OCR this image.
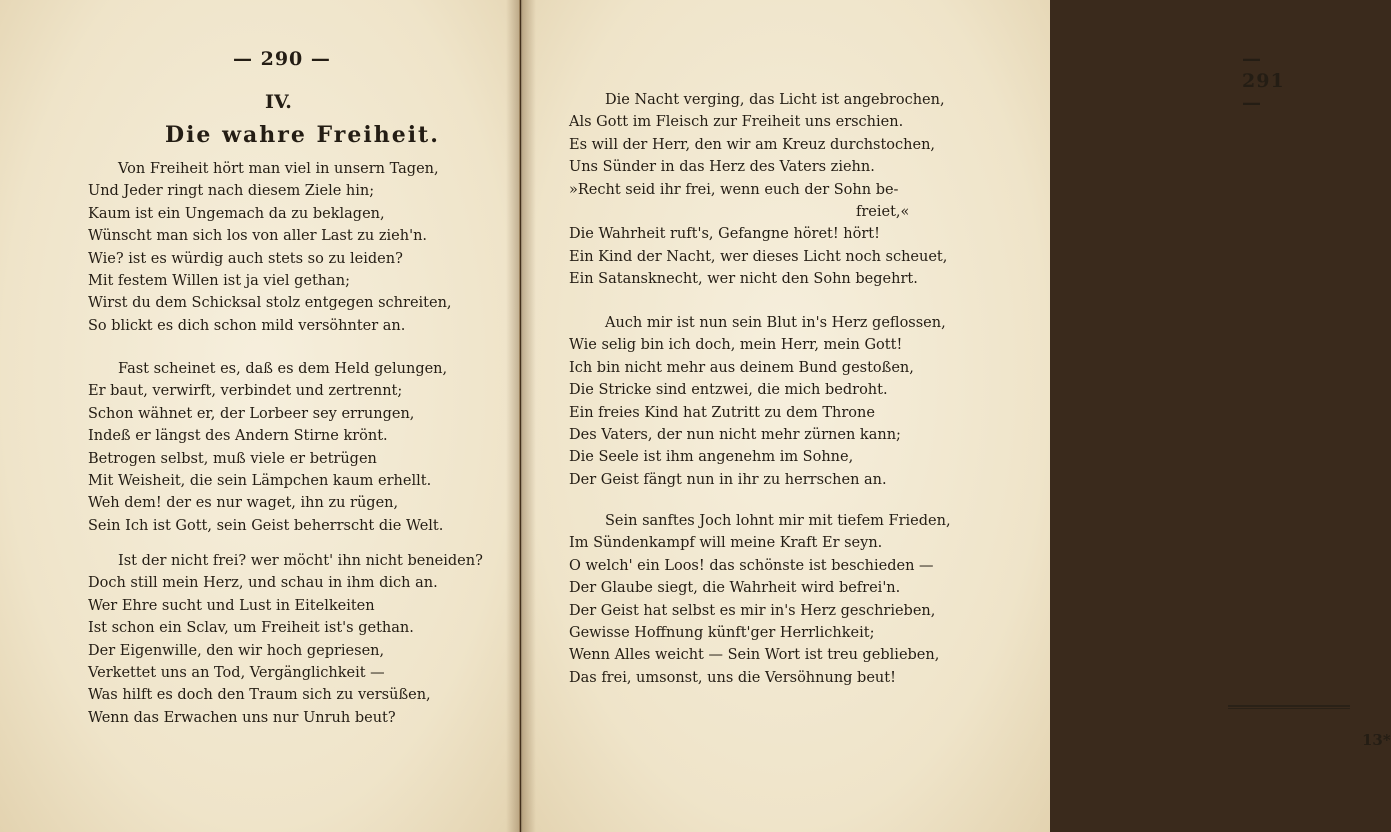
— 290 —
IV.
Die wahre Freiheit.
Von Freiheit hört man viel in unsern Tagen,
Und Jeder ringt nach diesem Ziele hin;
Kaum ist ein Ungemach da zu beklagen,
Wünscht man sich los von aller Last zu zieh'n.
Wie? ist es würdig auch stets so zu leiden?
Mit festem Willen ist ja viel gethan;
Wirst du dem Schicksal stolz entgegen schreiten,
So blickt es dich schon mild versöhnter an.
Fast scheinet es, daß es dem Held gelungen,
Er baut, verwirft, verbindet und zertrennt;
Schon wähnet er, der Lorbeer sey errungen,
Indeß er längst des Andern Stirne krönt.
Betrogen selbst, muß viele er betrügen
Mit Weisheit, die sein Lämpchen kaum erhellt.
Weh dem! der es nur waget, ihn zu rügen,
Sein Ich ist Gott, sein Geist beherrscht die Welt.
Ist der nicht frei? wer möcht' ihn nicht beneiden?
Doch still mein Herz, und schau in ihm dich an.
Wer Ehre sucht und Lust in Eitelkeiten
Ist schon ein Sclav, um Freiheit ist's gethan.
Der Eigenwille, den wir hoch gepriesen,
Verkettet uns an Tod, Vergänglichkeit —
Was hilft es doch den Traum sich zu versüßen,
Wenn das Erwachen uns nur Unruh beut?
— 291 —
Die Nacht verging, das Licht ist angebrochen,
Als Gott im Fleisch zur Freiheit uns erschien.
Es will der Herr, den wir am Kreuz durchstochen,
Uns Sünder in das Herz des Vaters ziehn.
»Recht seid ihr frei, wenn euch der Sohn be-
freiet,«
Die Wahrheit ruft's, Gefangne höret! hört!
Ein Kind der Nacht, wer dieses Licht noch scheuet,
Ein Satansknecht, wer nicht den Sohn begehrt.
Auch mir ist nun sein Blut in's Herz geflossen,
Wie selig bin ich doch, mein Herr, mein Gott!
Ich bin nicht mehr aus deinem Bund gestoßen,
Die Stricke sind entzwei, die mich bedroht.
Ein freies Kind hat Zutritt zu dem Throne
Des Vaters, der nun nicht mehr zürnen kann;
Die Seele ist ihm angenehm im Sohne,
Der Geist fängt nun in ihr zu herrschen an.
Sein sanftes Joch lohnt mir mit tiefem Frieden,
Im Sündenkampf will meine Kraft Er seyn.
O welch' ein Loos! das schönste ist beschieden —
Der Glaube siegt, die Wahrheit wird befrei'n.
Der Geist hat selbst es mir in's Herz geschrieben,
Gewisse Hoffnung künft'ger Herrlichkeit;
Wenn Alles weicht — Sein Wort ist treu geblieben,
Das frei, umsonst, uns die Versöhnung beut!
13*
